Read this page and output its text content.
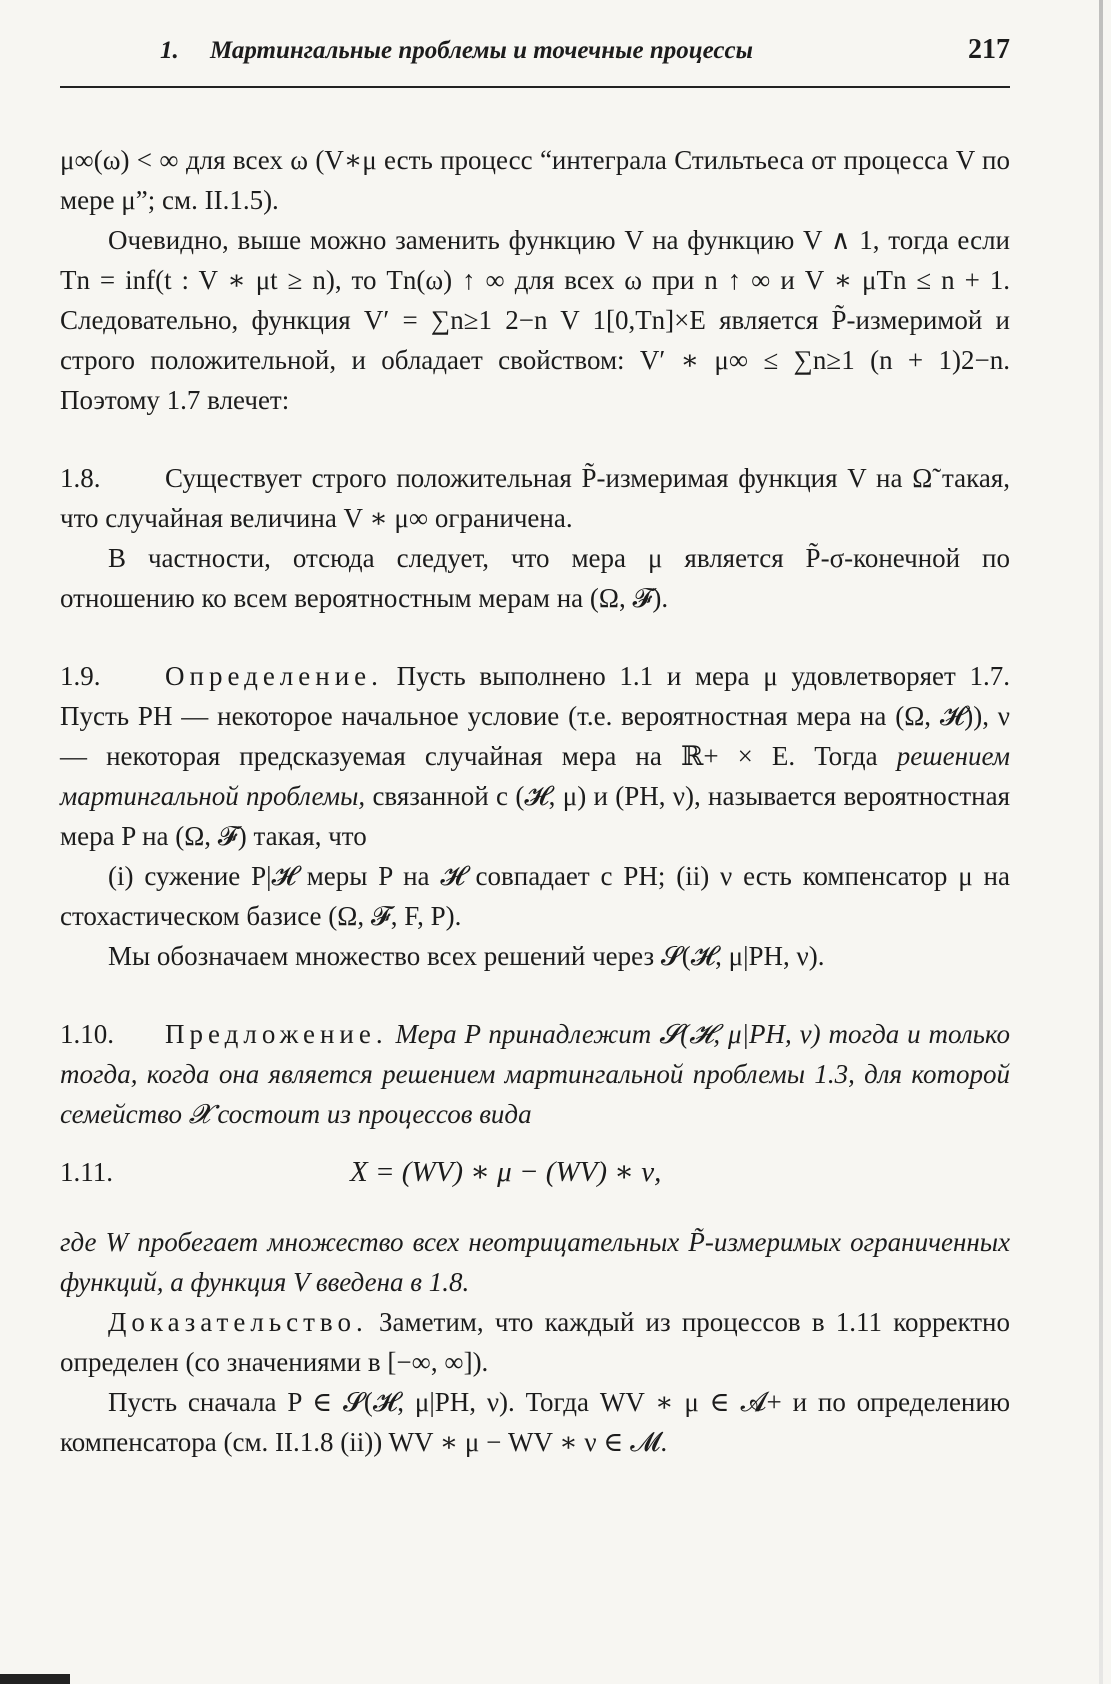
1.	Мартингальные проблемы и точечные процессы	217

μ∞(ω) < ∞ для всех ω (V∗μ есть процесс “интеграла Стильтьеса от процесса V по мере μ”; см. II.1.5).

Очевидно, выше можно заменить функцию V на функцию V ∧ 1, тогда если Tn = inf(t : V ∗ μt ≥ n), то Tn(ω) ↑ ∞ для всех ω при n ↑ ∞ и V ∗ μTn ≤ n + 1. Следовательно, функция V′ = ∑n≥1 2−n V 1[0,Tn]×E является P̃-измеримой и строго положительной, и обладает свойством: V′ ∗ μ∞ ≤ ∑n≥1 (n + 1)2−n. Поэтому 1.7 влечет:

1.8. Существует строго положительная P̃-измеримая функция V на Ω̃ такая, что случайная величина V ∗ μ∞ ограничена.

В частности, отсюда следует, что мера μ является P̃-σ-конечной по отношению ко всем вероятностным мерам на (Ω, 𝓕).

1.9. Определение. Пусть выполнено 1.1 и мера μ удовлетворяет 1.7. Пусть PH — некоторое начальное условие (т.е. вероятностная мера на (Ω, 𝓗)), ν — некоторая предсказуемая случайная мера на ℝ+ × E. Тогда решением мартингальной проблемы, связанной с (𝓗, μ) и (PH, ν), называется вероятностная мера P на (Ω, 𝓕) такая, что

(i) сужение P|𝓗 меры P на 𝓗 совпадает с PH; (ii) ν есть компенсатор μ на стохастическом базисе (Ω, 𝓕, F, P).

Мы обозначаем множество всех решений через 𝓢(𝓗, μ|PH, ν).

1.10. Предложение. Мера P принадлежит 𝓢(𝓗, μ|PH, ν) тогда и только тогда, когда она является решением мартингальной проблемы 1.3, для которой семейство 𝓧 состоит из процессов вида

1.11.	X = (WV) ∗ μ − (WV) ∗ ν,

где W пробегает множество всех неотрицательных P̃-измеримых ограниченных функций, а функция V введена в 1.8.

Доказательство. Заметим, что каждый из процессов в 1.11 корректно определен (со значениями в [−∞, ∞]).

Пусть сначала P ∈ 𝓢(𝓗, μ|PH, ν). Тогда WV ∗ μ ∈ 𝓐+ и по определению компенсатора (см. II.1.8 (ii)) WV ∗ μ − WV ∗ ν ∈ 𝓜.
